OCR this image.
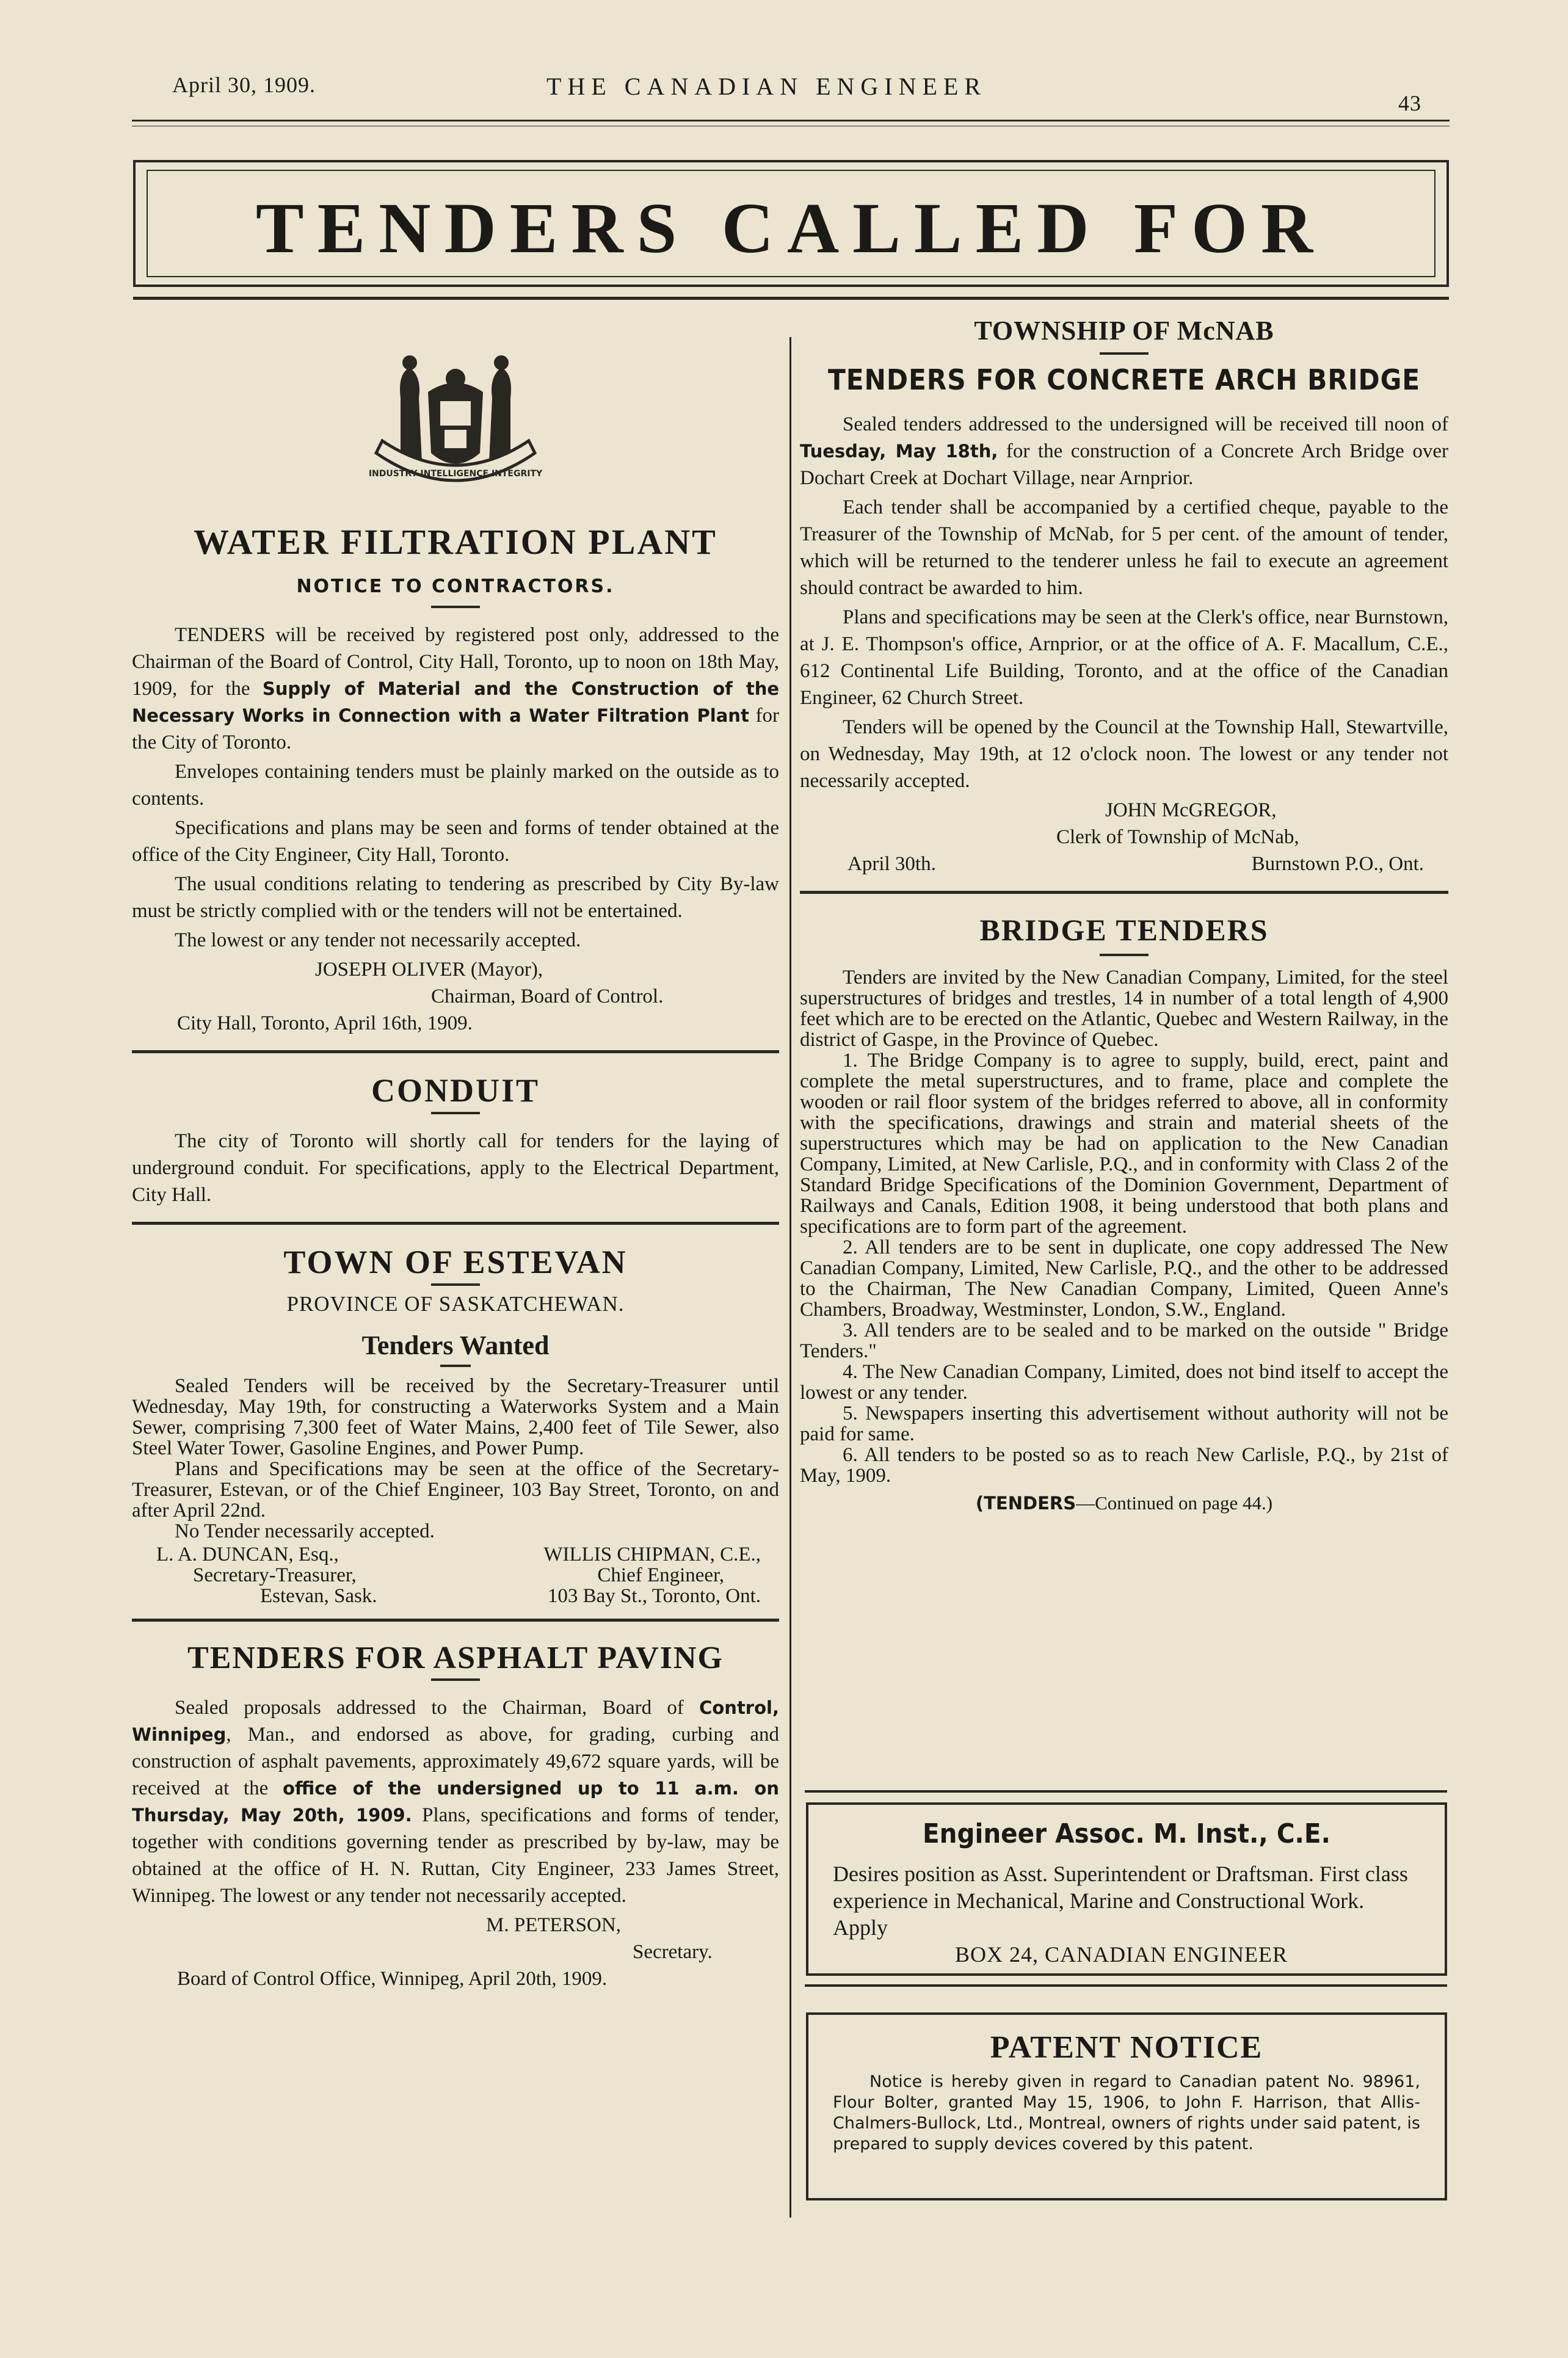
April 30, 1909.	THE CANADIAN ENGINEER
43
TENDERS CALLED FOR
INDUSTRY INTELLIGENCE INTEGRITY
WATER FILTRATION PLANT
NOTICE TO CONTRACTORS.

TENDERS will be received by registered post only, addressed to the Chairman of the Board of Control, City Hall, Toronto, up to noon on 18th May, 1909, for the Supply of Material and the Construction of the Necessary Works in Connection with a Water Filtration Plant for the City of Toronto.

Envelopes containing tenders must be plainly marked on the outside as to contents.

Specifications and plans may be seen and forms of tender obtained at the office of the City Engineer, City Hall, Toronto.

The usual conditions relating to tendering as prescribed by City By-law must be strictly complied with or the tenders will not be entertained.

The lowest or any tender not necessarily accepted.

JOSEPH OLIVER (Mayor),
Chairman, Board of Control.
City Hall, Toronto, April 16th, 1909.
CONDUIT

The city of Toronto will shortly call for tenders for the laying of underground conduit. For specifications, apply to the Electrical Department, City Hall.

TOWN OF ESTEVAN
PROVINCE OF SASKATCHEWAN.
Tenders Wanted

Sealed Tenders will be received by the Secretary-Treasurer until Wednesday, May 19th, for constructing a Waterworks System and a Main Sewer, comprising 7,300 feet of Water Mains, 2,400 feet of Tile Sewer, also Steel Water Tower, Gasoline Engines, and Power Pump.

Plans and Specifications may be seen at the office of the Secretary-Treasurer, Estevan, or of the Chief Engineer, 103 Bay Street, Toronto, on and after April 22nd.

No Tender necessarily accepted.

L. A. DUNCAN, Esq.,
Secretary-Treasurer,
Estevan, Sask.
WILLIS CHIPMAN, C.E.,
Chief Engineer,
103 Bay St., Toronto, Ont.
TENDERS FOR ASPHALT PAVING

Sealed proposals addressed to the Chairman, Board of Control, Winnipeg, Man., and endorsed as above, for grading, curbing and construction of asphalt pavements, approximately 49,672 square yards, will be received at the office of the undersigned up to 11 a.m. on Thursday, May 20th, 1909. Plans, specifications and forms of tender, together with conditions governing tender as prescribed by by-law, may be obtained at the office of H. N. Ruttan, City Engineer, 233 James Street, Winnipeg. The lowest or any tender not necessarily accepted.

M. PETERSON,
Secretary.
Board of Control Office, Winnipeg, April 20th, 1909.
TOWNSHIP OF McNAB
TENDERS FOR CONCRETE ARCH BRIDGE

Sealed tenders addressed to the undersigned will be received till noon of Tuesday, May 18th, for the construction of a Concrete Arch Bridge over Dochart Creek at Dochart Village, near Arnprior.

Each tender shall be accompanied by a certified cheque, payable to the Treasurer of the Township of McNab, for 5 per cent. of the amount of tender, which will be returned to the tenderer unless he fail to execute an agreement should contract be awarded to him.

Plans and specifications may be seen at the Clerk's office, near Burnstown, at J. E. Thompson's office, Arnprior, or at the office of A. F. Macallum, C.E., 612 Continental Life Building, Toronto, and at the office of the Canadian Engineer, 62 Church Street.

Tenders will be opened by the Council at the Township Hall, Stewartville, on Wednesday, May 19th, at 12 o'clock noon. The lowest or any tender not necessarily accepted.

JOHN McGREGOR,
Clerk of Township of McNab,
April 30th.	Burnstown P.O., Ont.
BRIDGE TENDERS

Tenders are invited by the New Canadian Company, Limited, for the steel superstructures of bridges and trestles, 14 in number of a total length of 4,900 feet which are to be erected on the Atlantic, Quebec and Western Railway, in the district of Gaspe, in the Province of Quebec.

1. The Bridge Company is to agree to supply, build, erect, paint and complete the metal superstructures, and to frame, place and complete the wooden or rail floor system of the bridges referred to above, all in conformity with the specifications, drawings and strain and material sheets of the superstructures which may be had on application to the New Canadian Company, Limited, at New Carlisle, P.Q., and in conformity with Class 2 of the Standard Bridge Specifications of the Dominion Government, Department of Railways and Canals, Edition 1908, it being understood that both plans and specifications are to form part of the agreement.

2. All tenders are to be sent in duplicate, one copy addressed The New Canadian Company, Limited, New Carlisle, P.Q., and the other to be addressed to the Chairman, The New Canadian Company, Limited, Queen Anne's Chambers, Broadway, Westminster, London, S.W., England.

3. All tenders are to be sealed and to be marked on the outside " Bridge Tenders."

4. The New Canadian Company, Limited, does not bind itself to accept the lowest or any tender.

5. Newspapers inserting this advertisement without authority will not be paid for same.

6. All tenders to be posted so as to reach New Carlisle, P.Q., by 21st of May, 1909.

(TENDERS—Continued on page 44.)
Engineer Assoc. M. Inst., C.E.
Desires position as Asst. Superintendent or Draftsman. First class experience in Mechanical, Marine and Constructional Work. Apply
BOX 24, CANADIAN ENGINEER
PATENT NOTICE

Notice is hereby given in regard to Canadian patent No. 98961, Flour Bolter, granted May 15, 1906, to John F. Harrison, that Allis-Chalmers-Bullock, Ltd., Montreal, owners of rights under said patent, is prepared to supply devices covered by this patent.
